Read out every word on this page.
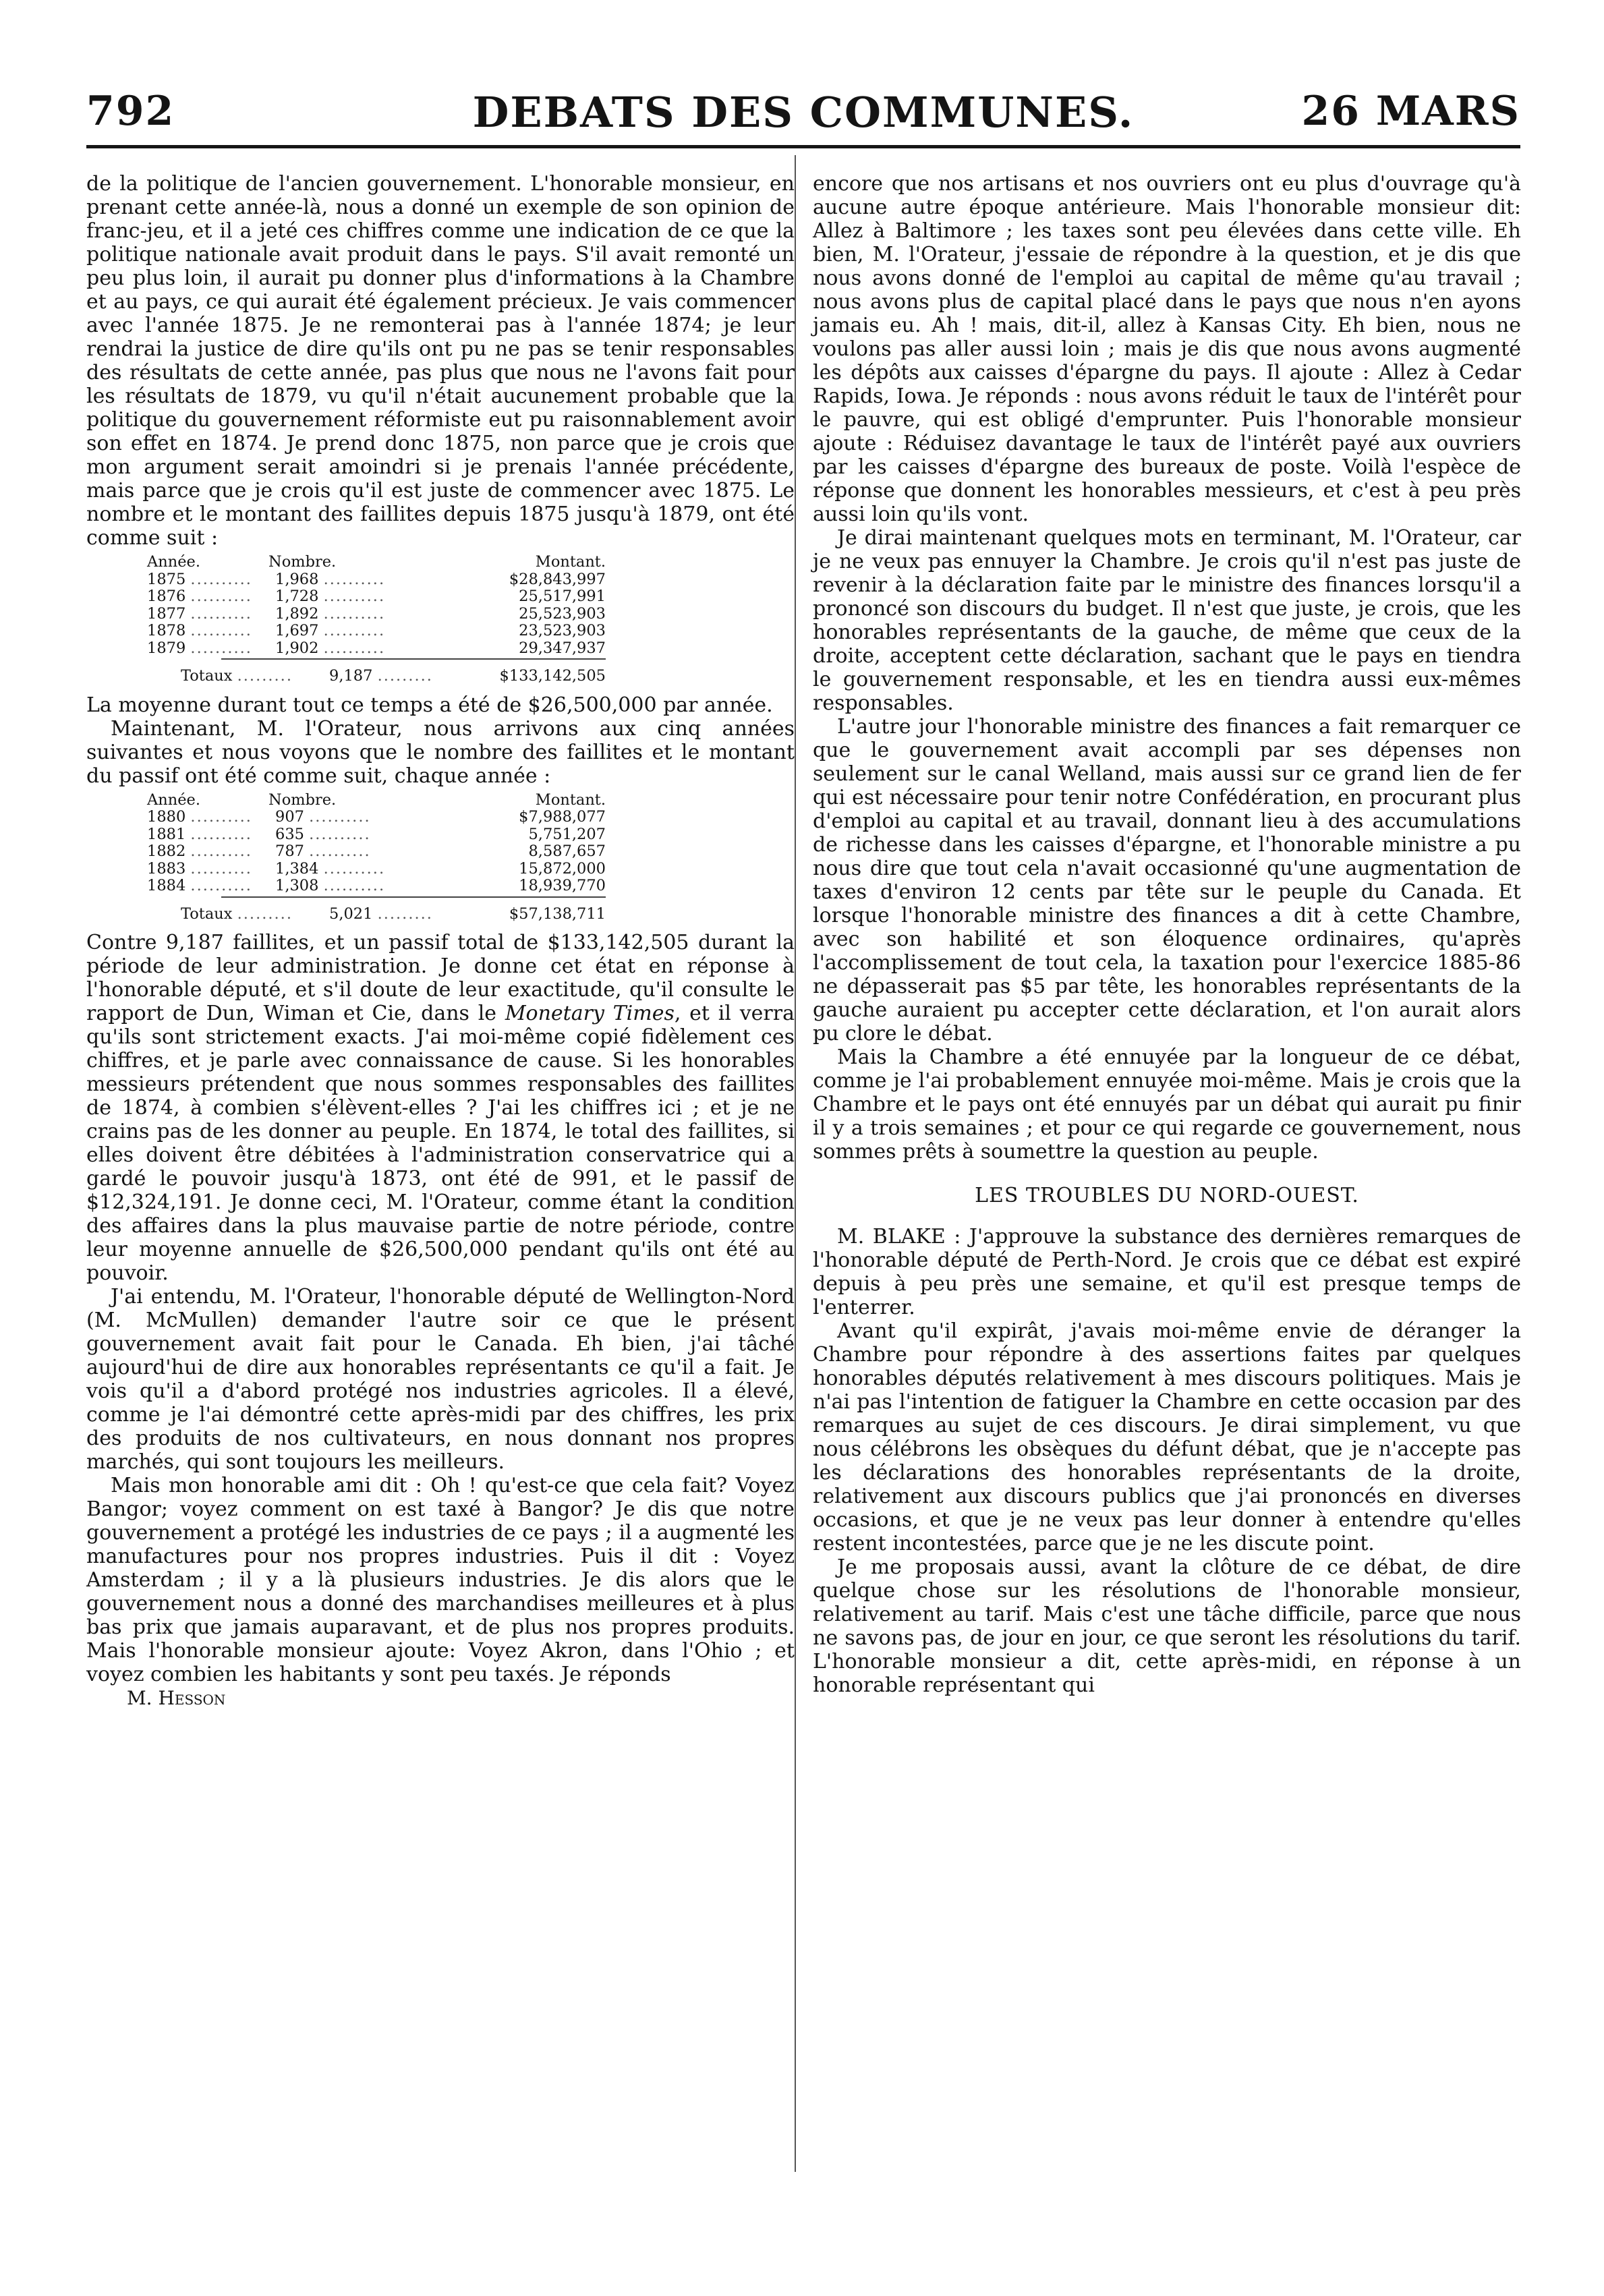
792	DEBATS DES COMMUNES.	26 MARS

de la politique de l'ancien gouvernement. L'honorable monsieur, en prenant cette année-là, nous a donné un exemple de son opinion de franc-jeu, et il a jeté ces chiffres comme une indication de ce que la politique nationale avait produit dans le pays. S'il avait remonté un peu plus loin, il aurait pu donner plus d'informations à la Chambre et au pays, ce qui aurait été également précieux. Je vais commencer avec l'année 1875. Je ne remonterai pas à l'année 1874; je leur rendrai la justice de dire qu'ils ont pu ne pas se tenir responsables des résultats de cette année, pas plus que nous ne l'avons fait pour les résultats de 1879, vu qu'il n'était aucunement probable que la politique du gouvernement réformiste eut pu raisonnablement avoir son effet en 1874. Je prend donc 1875, non parce que je crois que mon argument serait amoindri si je prenais l'année précédente, mais parce que je crois qu'il est juste de commencer avec 1875. Le nombre et le montant des faillites depuis 1875 jusqu'à 1879, ont été comme suit :

Année.	Nombre.	Montant.
1875 ..........	1,968 ..........	$28,843,997
1876 ..........	1,728 ..........	25,517,991
1877 ..........	1,892 ..........	25,523,903
1878 ..........	1,697 ..........	23,523,903
1879 ..........	1,902 ..........	29,347,937
Totaux .........	9,187 .........	$133,142,505

La moyenne durant tout ce temps a été de $26,500,000 par année.

Maintenant, M. l'Orateur, nous arrivons aux cinq années suivantes et nous voyons que le nombre des faillites et le montant du passif ont été comme suit, chaque année :

Année.	Nombre.	Montant.
1880 ..........	907 ..........	$7,988,077
1881 ..........	635 ..........	5,751,207
1882 ..........	787 ..........	8,587,657
1883 ..........	1,384 ..........	15,872,000
1884 ..........	1,308 ..........	18,939,770
Totaux .........	5,021 .........	$57,138,711

Contre 9,187 faillites, et un passif total de $133,142,505 durant la période de leur administration. Je donne cet état en réponse à l'honorable député, et s'il doute de leur exactitude, qu'il consulte le rapport de Dun, Wiman et Cie, dans le Monetary Times, et il verra qu'ils sont strictement exacts. J'ai moi-même copié fidèlement ces chiffres, et je parle avec connaissance de cause. Si les honorables messieurs prétendent que nous sommes responsables des faillites de 1874, à combien s'élèvent-elles ? J'ai les chiffres ici ; et je ne crains pas de les donner au peuple. En 1874, le total des faillites, si elles doivent être débitées à l'administration conservatrice qui a gardé le pouvoir jusqu'à 1873, ont été de 991, et le passif de $12,324,191. Je donne ceci, M. l'Orateur, comme étant la condition des affaires dans la plus mauvaise partie de notre période, contre leur moyenne annuelle de $26,500,000 pendant qu'ils ont été au pouvoir.

J'ai entendu, M. l'Orateur, l'honorable député de Wellington-Nord (M. McMullen) demander l'autre soir ce que le présent gouvernement avait fait pour le Canada. Eh bien, j'ai tâché aujourd'hui de dire aux honorables représentants ce qu'il a fait. Je vois qu'il a d'abord protégé nos industries agricoles. Il a élevé, comme je l'ai démontré cette après-midi par des chiffres, les prix des produits de nos cultivateurs, en nous donnant nos propres marchés, qui sont toujours les meilleurs.

Mais mon honorable ami dit : Oh ! qu'est-ce que cela fait? Voyez Bangor; voyez comment on est taxé à Bangor? Je dis que notre gouvernement a protégé les industries de ce pays ; il a augmenté les manufactures pour nos propres industries. Puis il dit : Voyez Amsterdam ; il y a là plusieurs industries. Je dis alors que le gouvernement nous a donné des marchandises meilleures et à plus bas prix que jamais auparavant, et de plus nos propres produits. Mais l'honorable monsieur ajoute: Voyez Akron, dans l'Ohio ; et voyez combien les habitants y sont peu taxés. Je réponds

M. Hesson

encore que nos artisans et nos ouvriers ont eu plus d'ouvrage qu'à aucune autre époque antérieure. Mais l'honorable monsieur dit: Allez à Baltimore ; les taxes sont peu élevées dans cette ville. Eh bien, M. l'Orateur, j'essaie de répondre à la question, et je dis que nous avons donné de l'emploi au capital de même qu'au travail ; nous avons plus de capital placé dans le pays que nous n'en ayons jamais eu. Ah ! mais, dit-il, allez à Kansas City. Eh bien, nous ne voulons pas aller aussi loin ; mais je dis que nous avons augmenté les dépôts aux caisses d'épargne du pays. Il ajoute : Allez à Cedar Rapids, Iowa. Je réponds : nous avons réduit le taux de l'intérêt pour le pauvre, qui est obligé d'emprunter. Puis l'honorable monsieur ajoute : Réduisez davantage le taux de l'intérêt payé aux ouvriers par les caisses d'épargne des bureaux de poste. Voilà l'espèce de réponse que donnent les honorables messieurs, et c'est à peu près aussi loin qu'ils vont.

Je dirai maintenant quelques mots en terminant, M. l'Orateur, car je ne veux pas ennuyer la Chambre. Je crois qu'il n'est pas juste de revenir à la déclaration faite par le ministre des finances lorsqu'il a prononcé son discours du budget. Il n'est que juste, je crois, que les honorables représentants de la gauche, de même que ceux de la droite, acceptent cette déclaration, sachant que le pays en tiendra le gouvernement responsable, et les en tiendra aussi eux-mêmes responsables.

L'autre jour l'honorable ministre des finances a fait remarquer ce que le gouvernement avait accompli par ses dépenses non seulement sur le canal Welland, mais aussi sur ce grand lien de fer qui est nécessaire pour tenir notre Confédération, en procurant plus d'emploi au capital et au travail, donnant lieu à des accumulations de richesse dans les caisses d'épargne, et l'honorable ministre a pu nous dire que tout cela n'avait occasionné qu'une augmentation de taxes d'environ 12 cents par tête sur le peuple du Canada. Et lorsque l'honorable ministre des finances a dit à cette Chambre, avec son habilité et son éloquence ordinaires, qu'après l'accomplissement de tout cela, la taxation pour l'exercice 1885-86 ne dépasserait pas $5 par tête, les honorables représentants de la gauche auraient pu accepter cette déclaration, et l'on aurait alors pu clore le débat.

Mais la Chambre a été ennuyée par la longueur de ce débat, comme je l'ai probablement ennuyée moi-même. Mais je crois que la Chambre et le pays ont été ennuyés par un débat qui aurait pu finir il y a trois semaines ; et pour ce qui regarde ce gouvernement, nous sommes prêts à soumettre la question au peuple.

LES TROUBLES DU NORD-OUEST.

M. BLAKE : J'approuve la substance des dernières remarques de l'honorable député de Perth-Nord. Je crois que ce débat est expiré depuis à peu près une semaine, et qu'il est presque temps de l'enterrer.

Avant qu'il expirât, j'avais moi-même envie de déranger la Chambre pour répondre à des assertions faites par quelques honorables députés relativement à mes discours politiques. Mais je n'ai pas l'intention de fatiguer la Chambre en cette occasion par des remarques au sujet de ces discours. Je dirai simplement, vu que nous célébrons les obsèques du défunt débat, que je n'accepte pas les déclarations des honorables représentants de la droite, relativement aux discours publics que j'ai prononcés en diverses occasions, et que je ne veux pas leur donner à entendre qu'elles restent incontestées, parce que je ne les discute point.

Je me proposais aussi, avant la clôture de ce débat, de dire quelque chose sur les résolutions de l'honorable monsieur, relativement au tarif. Mais c'est une tâche difficile, parce que nous ne savons pas, de jour en jour, ce que seront les résolutions du tarif. L'honorable monsieur a dit, cette après-midi, en réponse à un honorable représentant qui
